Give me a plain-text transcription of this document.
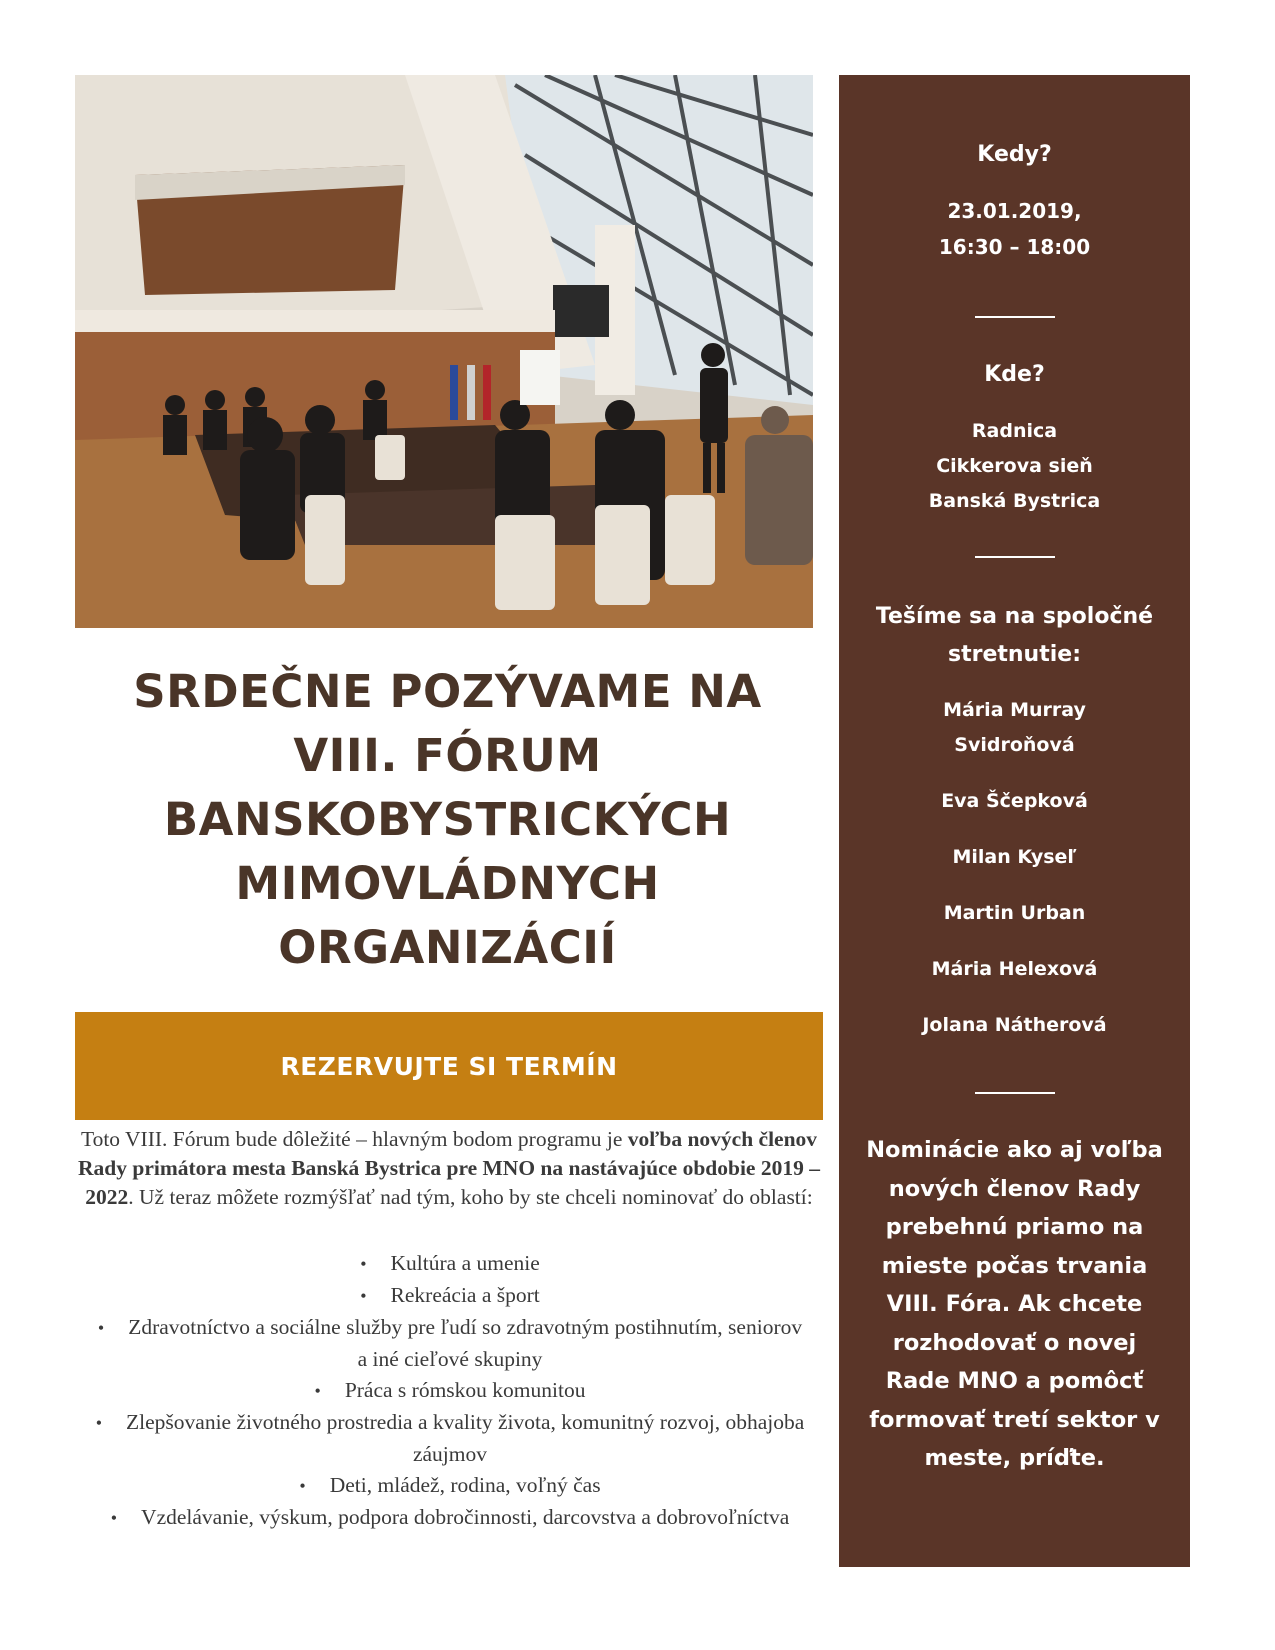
SRDEČNE POZÝVAME NA
VIII. FÓRUM
BANSKOBYSTRICKÝCH
MIMOVLÁDNYCH
ORGANIZÁCIÍ
REZERVUJTE SI TERMÍN
Toto VIII. Fórum bude dôležité – hlavným bodom programu je voľba nových členov Rady primátora mesta Banská Bystrica pre MNO na nastávajúce obdobie 2019 – 2022. Už teraz môžete rozmýšľať nad tým, koho by ste chceli nominovať do oblastí:
• Kultúra a umenie
• Rekreácia a šport
• Zdravotníctvo a sociálne služby pre ľudí so zdravotným postihnutím, seniorov a iné cieľové skupiny
• Práca s rómskou komunitou
• Zlepšovanie životného prostredia a kvality života, komunitný rozvoj, obhajoba záujmov
• Deti, mládež, rodina, voľný čas
• Vzdelávanie, výskum, podpora dobročinnosti, darcovstva a dobrovoľníctva
Kedy?
23.01.2019,
16:30 – 18:00
Kde?
Radnica
Cikkerova sieň
Banská Bystrica
Tešíme sa na spoločné stretnutie:
Mária Murray Svidroňová
Eva Ščepková
Milan Kyseľ
Martin Urban
Mária Helexová
Jolana Nátherová
Nominácie ako aj voľba nových členov Rady prebehnú priamo na mieste počas trvania VIII. Fóra. Ak chcete rozhodovať o novej Rade MNO a pomôcť formovať tretí sektor v meste, príďte.
